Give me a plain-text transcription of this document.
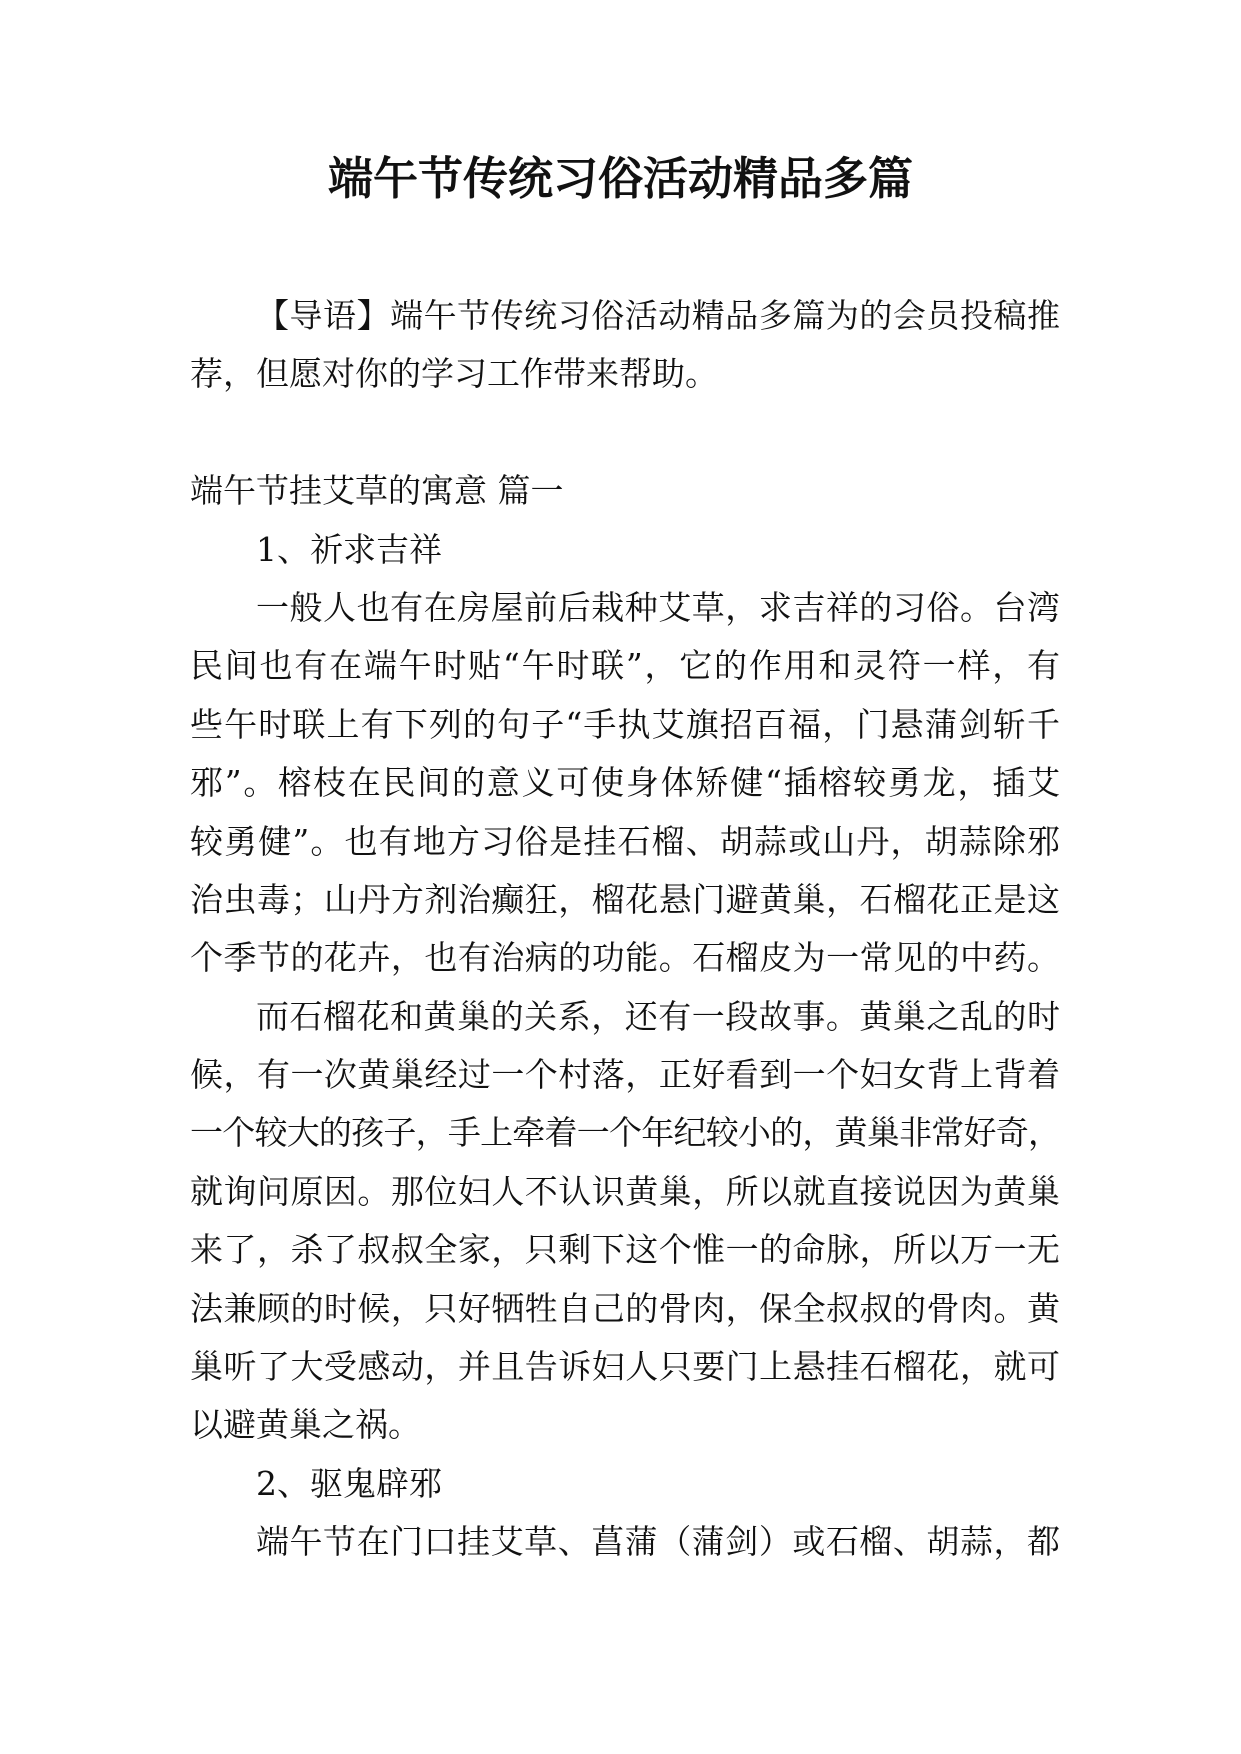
端午节传统习俗活动精品多篇
【导语】端午节传统习俗活动精品多篇为的会员投稿推
荐，但愿对你的学习工作带来帮助。
端午节挂艾草的寓意 篇一
1、祈求吉祥
一般人也有在房屋前后栽种艾草，求吉祥的习俗。台湾
民间也有在端午时贴“午时联”，它的作用和灵符一样，有
些午时联上有下列的句子“手执艾旗招百福，门悬蒲剑斩千
邪”。榕枝在民间的意义可使身体矫健“插榕较勇龙，插艾
较勇健”。也有地方习俗是挂石榴、胡蒜或山丹，胡蒜除邪
治虫毒；山丹方剂治癫狂，榴花悬门避黄巢，石榴花正是这
个季节的花卉，也有治病的功能。石榴皮为一常见的中药。
而石榴花和黄巢的关系，还有一段故事。黄巢之乱的时
候，有一次黄巢经过一个村落，正好看到一个妇女背上背着
一个较大的孩子，手上牵着一个年纪较小的，黄巢非常好奇，
就询问原因。那位妇人不认识黄巢，所以就直接说因为黄巢
来了，杀了叔叔全家，只剩下这个惟一的命脉，所以万一无
法兼顾的时候，只好牺牲自己的骨肉，保全叔叔的骨肉。黄
巢听了大受感动，并且告诉妇人只要门上悬挂石榴花，就可
以避黄巢之祸。
2、驱鬼辟邪
端午节在门口挂艾草、菖蒲（蒲剑）或石榴、胡蒜，都
